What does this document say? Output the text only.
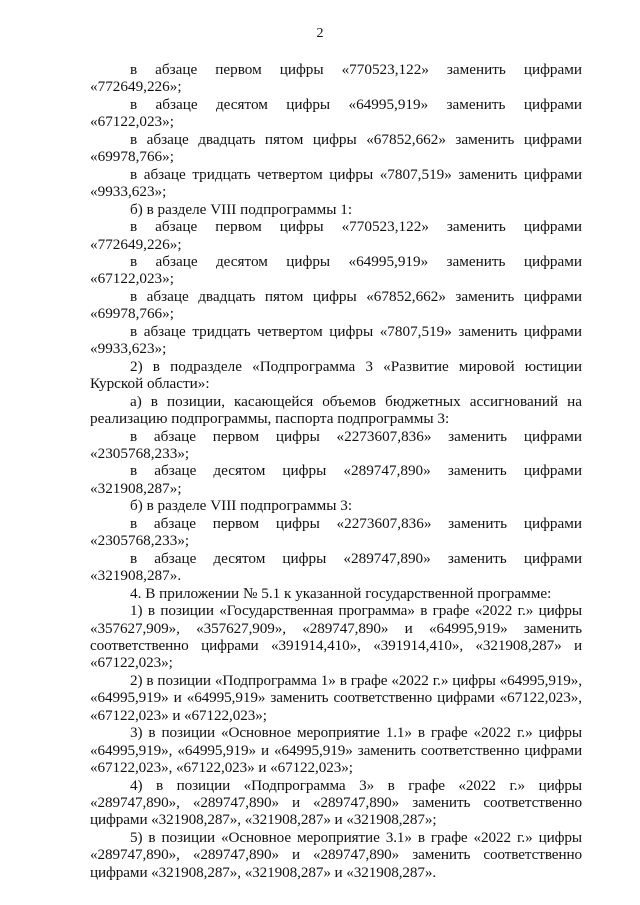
2

в абзаце первом цифры «770523,122» заменить цифрами «772649,226»;

в абзаце десятом цифры «64995,919» заменить цифрами «67122,023»;

в абзаце двадцать пятом цифры «67852,662» заменить цифрами «69978,766»;

в абзаце тридцать четвертом цифры «7807,519» заменить цифрами «9933,623»;

б) в разделе VIII подпрограммы 1:

в абзаце первом цифры «770523,122» заменить цифрами «772649,226»;

в абзаце десятом цифры «64995,919» заменить цифрами «67122,023»;

в абзаце двадцать пятом цифры «67852,662» заменить цифрами «69978,766»;

в абзаце тридцать четвертом цифры «7807,519» заменить цифрами «9933,623»;

2) в подразделе «Подпрограмма 3 «Развитие мировой юстиции Курской области»:

а) в позиции, касающейся объемов бюджетных ассигнований на реализацию подпрограммы, паспорта подпрограммы 3:

в абзаце первом цифры «2273607,836» заменить цифрами «2305768,233»;

в абзаце десятом цифры «289747,890» заменить цифрами «321908,287»;

б) в разделе VIII подпрограммы 3:

в абзаце первом цифры «2273607,836» заменить цифрами «2305768,233»;

в абзаце десятом цифры «289747,890» заменить цифрами «321908,287».

4. В приложении № 5.1 к указанной государственной программе:

1) в позиции «Государственная программа» в графе «2022 г.» цифры «357627,909», «357627,909», «289747,890» и «64995,919» заменить соответственно цифрами «391914,410», «391914,410», «321908,287» и «67122,023»;

2) в позиции «Подпрограмма 1» в графе «2022 г.» цифры «64995,919», «64995,919» и «64995,919» заменить соответственно цифрами «67122,023», «67122,023» и «67122,023»;

3) в позиции «Основное мероприятие 1.1» в графе «2022 г.» цифры «64995,919», «64995,919» и «64995,919» заменить соответственно цифрами «67122,023», «67122,023» и «67122,023»;

4) в позиции «Подпрограмма 3» в графе «2022 г.» цифры «289747,890», «289747,890» и «289747,890» заменить соответственно цифрами «321908,287», «321908,287» и «321908,287»;

5) в позиции «Основное мероприятие 3.1» в графе «2022 г.» цифры «289747,890», «289747,890» и «289747,890» заменить соответственно цифрами «321908,287», «321908,287» и «321908,287».
